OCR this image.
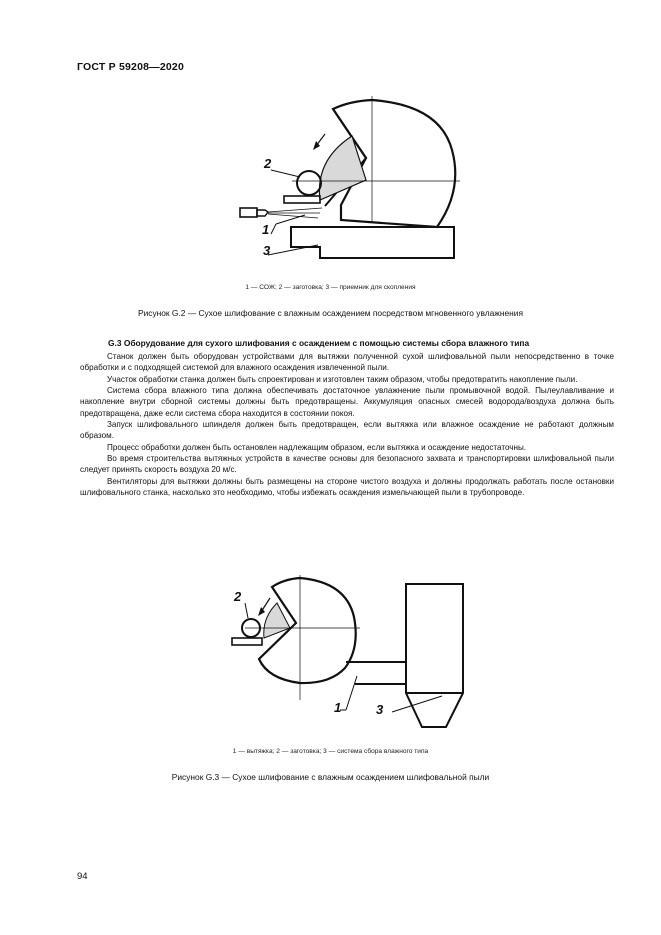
ГОСТ Р 59208—2020
2
1
3
1 — СОЖ; 2 — заготовка; 3 — приемник для скопления
Рисунок G.2 — Сухое шлифование с влажным осаждением посредством мгновенного увлажнения
G.3 Оборудование для сухого шлифования с осаждением с помощью системы сбора влажного типа

Станок должен быть оборудован устройствами для вытяжки полученной сухой шлифовальной пыли непосредственно в точке обработки и с подходящей системой для влажного осаждения извлеченной пыли.

Участок обработки станка должен быть спроектирован и изготовлен таким образом, чтобы предотвратить накопление пыли.

Система сбора влажного типа должна обеспечивать достаточное увлажнение пыли промывочной водой. Пылеулавливание и накопление внутри сборной системы должны быть предотвращены. Аккумуляция опасных смесей водорода/воздуха должна быть предотвращена, даже если система сбора находится в состоянии покоя.

Запуск шлифовального шпинделя должен быть предотвращен, если вытяжка или влажное осаждение не работают должным образом.

Процесс обработки должен быть остановлен надлежащим образом, если вытяжка и осаждение недостаточны.

Во время строительства вытяжных устройств в качестве основы для безопасного захвата и транспортировки шлифовальной пыли следует принять скорость воздуха 20 м/с.

Вентиляторы для вытяжки должны быть размещены на стороне чистого воздуха и должны продолжать работать после остановки шлифовального станка, насколько это необходимо, чтобы избежать осаждения измельчающей пыли в трубопроводе.

2
1	3
1 — вытяжка; 2 — заготовка; 3 — система сбора влажного типа
Рисунок G.3 — Сухое шлифование с влажным осаждением шлифовальной пыли
94
